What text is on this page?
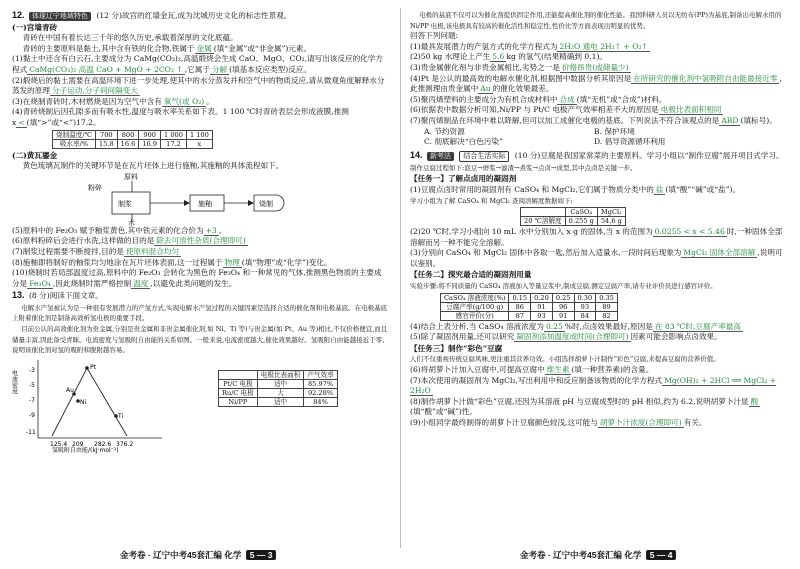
12. 体现辽宁地域特色 (12 分)故宫的红墙金瓦,成为沈城历史文化的标志性景观。

(一)宫墙青砖

青砖在中国有着长达三千年的悠久历史,承载着深厚的文化底蕴。

青砖的主要原料是黏土,其中含有铁的化合物,铁属于 金属 (填“金属”或“非金属”)元素。

(1)黏土中还含有白云石,主要成分为 CaMg(CO₃)₂,高温煅烧会生成 CaO、MgO、CO₂,请写出该反应的化学方程式 CaMg(CO₃)₂ 高温 CaO + MgO + 2CO₂ ↑ ,它属于 分解 (填基本反应类型)反应。

(2)煅烧后的黏土需要在高温环境下进一步处理,使其中的水分蒸发并和空气中的物质反应,请从微观角度解释水分蒸发的原理 分子运动,分子间间隔变大

(3)在烧制青砖时,木材燃烧是因为空气中含有 氧气(或 O₂) 。

(4)青砖烧制后因孔隙多而有吸水性,温度与吸水率关系如下表。1 100 ℃时青砖表层会形成液膜,推测 x < (填“>”或“<”)17.2。

烧制温度/℃	700	800	900	1 000	1 100
吸水率/%	15.8	16.6	16.9	17.2	x

(二)黄瓦鎏金

黄色琉璃瓦制作的关键环节是在瓦片坯体上进行施釉,其施釉的具体流程如下。

原料
粉碎
制浆
水
施釉	烧制

(5)原料中的 Fe₂O₃ 赋予釉浆黄色,其中铁元素的化合价为 +3 。

(6)原料粉碎后会进行水洗,这样做的目的是 除去可溶性杂质(合理即可)

(7)制浆过程需要不断搅拌,目的是 使原料混合均匀

(8)施釉即将制好的釉浆均匀地涂在瓦片坯体表面,这一过程属于 物理 (填“物理”或“化学”)变化。

(10)烧制时若局部温度过高,原料中的 Fe₂O₃ 会转化为黑色的 Fe₃O₄ 和一种常见的气体,推测黑色物质的主要成分是 Fe₃O₄ ,因此烧制时需严格控制 温度 ,以避免此类问题的发生。

13. (8 分)阅读下面文章。

电解水产氢被认为是一种很有发展潜力的产氢方式,实现电解水产氢过程的关键因素是选择合适的催化剂和电极基底。在电极基底上附着催化剂是制备高效析氢电极的重要手段。

目前公认的高效催化剂为贵金属,分别是贵金属和非贵金属催化剂,如 Ni、Ti 等)与贵金属(如 Pt、Au 等)相比,不仅价格便宜,而且储量丰富,因此备受青睐。电流密度与氢吸附自由能的关系如图。一般来说,电流密度越大,催化效果越好。氢吸附自由能越接近于零,说明该催化剂对氢的吸附和脱附越容易。

电流密度 -3
-5
-7
-9
-11
Pt
Au
Ni
Ti
125.4 209 282.6 376.2
氢吸附自由能/(kJ·mol⁻¹)
	电极比表面积	产气效率
Pt/C 电极	适中	85.97%
Ru/C 电极	大	92.28%
Ni/PP	适中	84%

电极的基底不仅可以为催化剂提供固定作用,还能提高催化剂的催化性能。我国科研人员以无纺布(PP)为基底,制备出电解水用的 Ni/PP 电极,该电极具有较高的催化活性和稳定性,性价比等方面表现出明显的优势。

回答下列问题:

(1)最具发展潜力的产氢方式的化学方程式为 2H₂O 通电 2H₂↑ + O₂↑

(2)50 kg 水理论上产生 5.6 kg 的氢气(结果精确到 0.1)。

(3)贵金属催化剂与非贵金属相比,劣势之一是 价格昂贵(或储量少)

(4)Pt 是公认的最高效的电解水催化剂,根据图中数据分析其原因是 在所研究的催化剂中氢吸附自由能最接近零 ,此推测理由贵金属中 Au 的催化效果最差。

(5)聚丙烯塑料的主要成分为有机合成材料中 合成 (填“无机”或“合成”)材料。

(6)依据表中数据分析可知,Ni/PP 与 Pt/C 电极产气效率相差不大的原因是 电极比表面积相同

(7)聚丙烯制品在环境中难以降解,但可以加工成催化电极的基底。下列说法不符合该观点的是 ABD (填标号)。

A. 节约资源	B. 保护环境
C. 彻底解决“白色污染”	D. 倡导资源循环利用

14. 新考法 结合生活实际 (10 分)豆腐是我国家常菜的主要原料。学习小组以“制作豆腐”展开项目式学习。

制作豆腐过程如下:泡豆→磨浆→滤渣→煮浆→点卤→成型,其中点卤是关键一步。

【任务一】了解点卤用的凝固剂

(1)豆腐点卤时常用的凝固剂有 CaSO₄ 和 MgCl₂,它们属于物质分类中的 盐 (填“酸”“碱”或“盐”)。

学习小组为了解 CaSO₄ 和 MgCl₂ 查阅溶解度数据如下:

	CaSO₄	MgCl₂
20 ℃溶解度	0.255 g	54.6 g

(2)20 ℃时,学习小组向 10 mL 水中分别加入 x g 的固体,当 x 的范围为 0.0255 < x < 5.46 时,一种固体全部溶解而另一种不能完全溶解。

(3)分别向 CaSO₄ 和 MgCl₂ 固体中各取一匙,然后加入适量水,一段时间后现象为 MgCl₂ 固体全部溶解 ,说明可以鉴别。

【任务二】探究最合适的凝固剂用量

实验步骤:将不同质量的 CaSO₄ 溶液加入等量豆浆中,制成豆腐,测定豆腐产率,请专业评价员进行感官评价。

CaSO₄ 溶液浓度(%)	0.15	0.20	0.25	0.30	0.35
豆腐产率(g/100 g)	86	91	96	93	89
感官评价(分)	87	93	91	84	82

(4)结合上表分析,当 CaSO₄ 溶液浓度为 0.25 %时,点卤效果最好,原因是 在 83 ℃时,豆腐产率最高

(5)除了凝固剂用量,还可以研究 凝固剂添加温度或时间(合理即可) 因素可能会影响点卤效果。

【任务三】制作“彩色”豆腐

人们不仅重视传统豆腐风味,更注重其营养功效。小组选择胡萝卜汁制作“彩色”豆腐,来提高豆腐的营养价值。

(6)将胡萝卜汁加入豆腐中,可提高豆腐中 维生素 (填一种营养素)的含量。

(7)本次使用的凝固剂为 MgCl₂,写出利用中和反应制备该物质的化学方程式 Mg(OH)₂ + 2HCl ══ MgCl₂ + 2H₂O

(8)制作胡萝卜汁做“彩色”豆腐,还因为其溶液 pH 与豆腐成型时的 pH 相似,约为 6.2,说明胡萝卜汁显 酸(填“酸”或“碱”)性。

(9)小组同学最终制得的胡萝卜汁豆腐颜色较浅,这可能与 胡萝卜汁浓度(合理即可) 有关。

金考卷 · 辽宁中考45套汇编 化学 5 — 3	金考卷 · 辽宁中考45套汇编 化学 5 — 4
